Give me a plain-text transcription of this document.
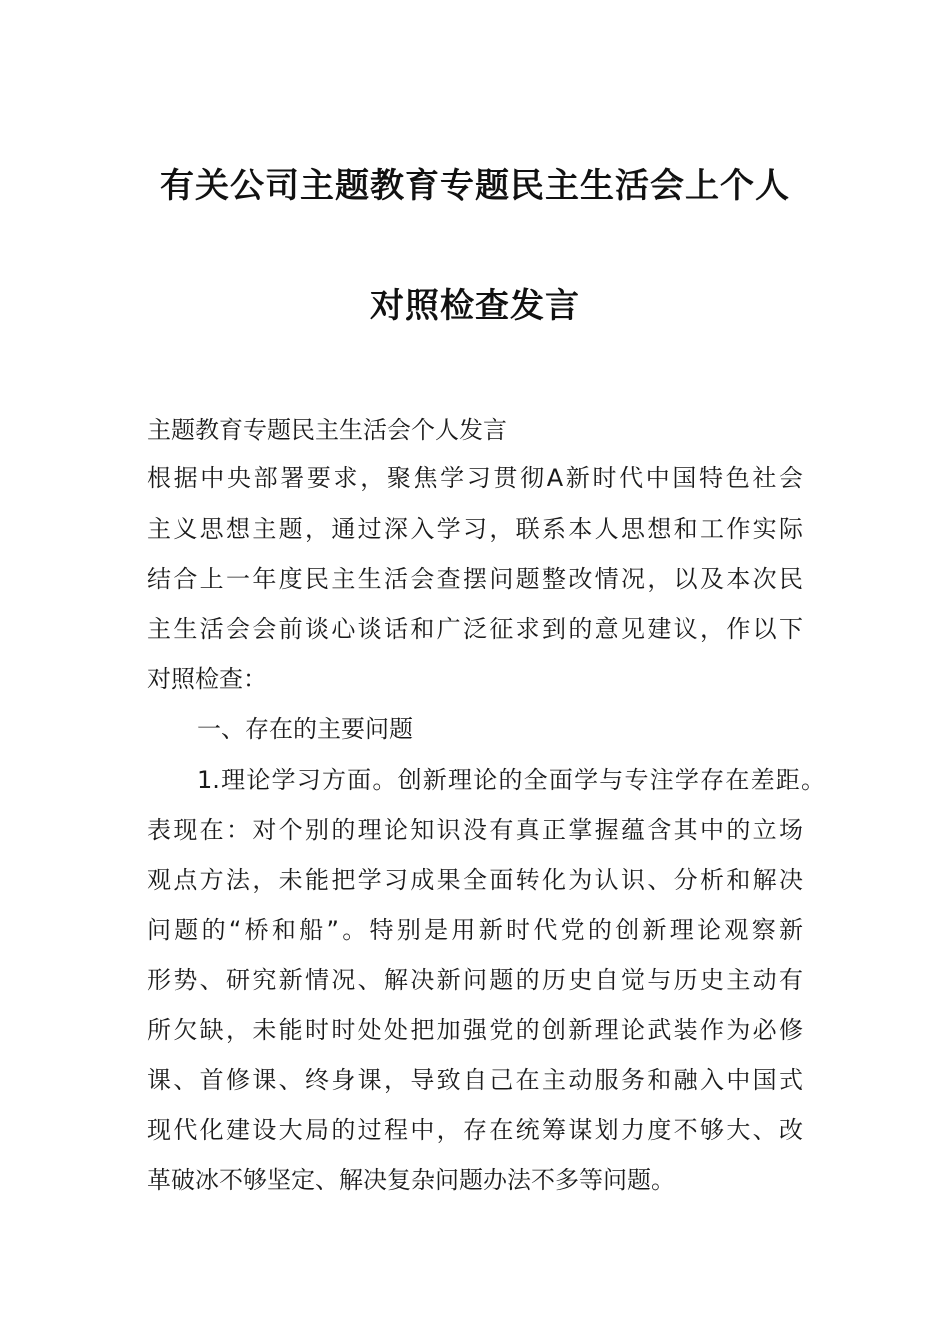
有关公司主题教育专题民主生活会上个人
对照检查发言
主题教育专题民主生活会个人发言
根据中央部署要求，聚焦学习贯彻A新时代中国特色社会
主义思想主题，通过深入学习，联系本人思想和工作实际
结合上一年度民主生活会查摆问题整改情况，以及本次民
主生活会会前谈心谈话和广泛征求到的意见建议，作以下
对照检查：
一、存在的主要问题
1.理论学习方面。创新理论的全面学与专注学存在差距。
表现在：对个别的理论知识没有真正掌握蕴含其中的立场
观点方法，未能把学习成果全面转化为认识、分析和解决
问题的“桥和船”。特别是用新时代党的创新理论观察新
形势、研究新情况、解决新问题的历史自觉与历史主动有
所欠缺，未能时时处处把加强党的创新理论武装作为必修
课、首修课、终身课，导致自己在主动服务和融入中国式
现代化建设大局的过程中，存在统筹谋划力度不够大、改
革破冰不够坚定、解决复杂问题办法不多等问题。
